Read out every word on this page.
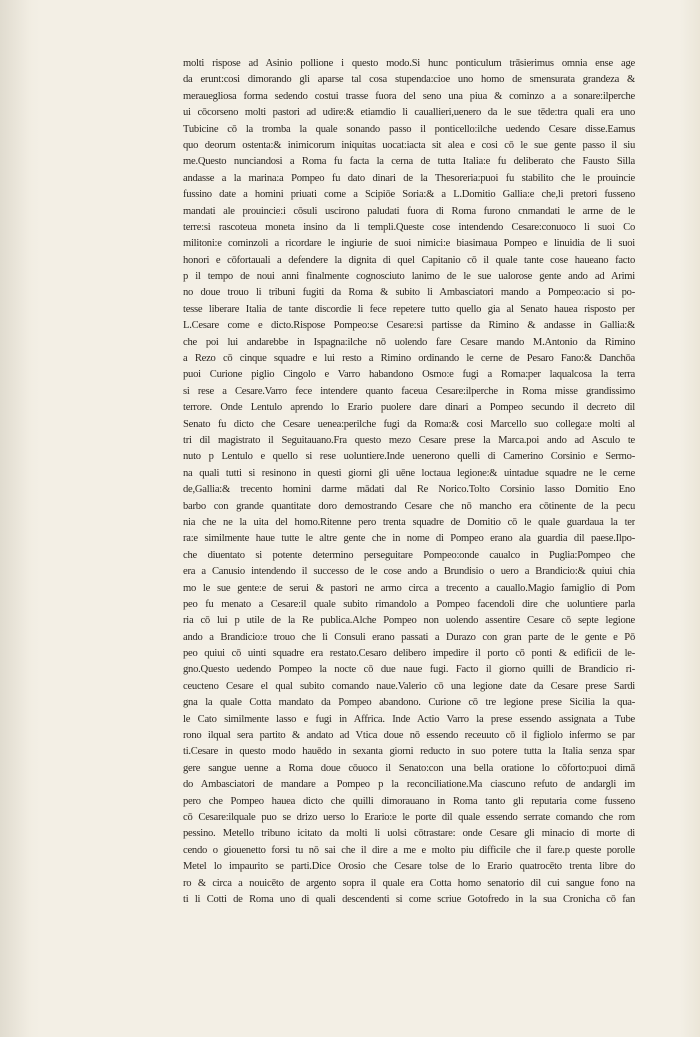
molti rispose ad Asinio pollione i questo modo.Si hunc ponticulum trāsierimus omnia ense age
da erunt:cosi dimorando gli aparse tal cosa stupenda:cioe uno homo de smensurata grandeza &
merauegliosa forma sedendo costui trasse fuora del seno una piua & cominzo a a sonare:ilperche
ui cōcorseno molti pastori ad udire:& etiamdio li cauallieri,uenero da le sue tēde:tra quali era uno
Tubicine cō la tromba la quale sonando passo il ponticello:ilche uedendo Cesare disse.Eamus
quo deorum ostenta:& inimicorum iniquitas uocat:iacta sit alea e cosi cō le sue gente passo il siu
me.Questo nunciandosi a Roma fu facta la cerna de tutta Italia:e fu deliberato che Fausto Silla
andasse a la marina:a Pompeo fu dato dinari de la Thesoreria:puoi fu stabilito che le prouincie
fussino date a homini priuati come a Scipiōe Soria:& a L.Domitio Gallia:e che,li pretori fusseno
mandati ale prouincie:i cōsuli uscirono paludati fuora di Roma furono cnmandati le arme de le
terre:si rascoteua moneta insino da li templi.Queste cose intendendo Cesare:conuoco li suoi Co
militoni:e cominzoli a ricordare le ingiurie de suoi nimici:e biasimaua Pompeo e linuidia de li suoi
honori e cōfortauali a defendere la dignita di quel Capitanio cō il quale tante cose haueano facto
p il tempo de noui anni finalmente cognosciuto lanimo de le sue ualorose gente ando ad Arimi
no doue trouo li tribuni fugiti da Roma & subito li Ambasciatori mando a Pompeo:acio si po-
tesse liberare Italia de tante discordie li fece repetere tutto quello gia al Senato hauea risposto per
L.Cesare come e dicto.Rispose Pompeo:se Cesare:si partisse da Rimino & andasse in Gallia:&
che poi lui andarebbe in Ispagna:ilche nō uolendo fare Cesare mando M.Antonio da Rimino
a Rezo cō cinque squadre e lui resto a Rimino ordinando le cerne de Pesaro Fano:& Danchōa
puoi Curione piglio Cingolo e Varro habandono Osmo:e fugi a Roma:per laqualcosa la terra
si rese a Cesare.Varro fece intendere quanto faceua Cesare:ilperche in Roma misse grandissimo
terrore. Onde Lentulo aprendo lo Erario puolere dare dinari a Pompeo secundo il decreto dil
Senato fu dicto che Cesare uenea:perilche fugi da Roma:& cosi Marcello suo collega:e molti al
tri dil magistrato il Seguitauano.Fra questo mezo Cesare prese la Marca.poi ando ad Asculo te
nuto p Lentulo e quello si rese uoluntiere.Inde uenerono quelli di Camerino Corsinio e Sermo-
na quali tutti si resinono in questi giorni gli uēne loctaua legione:& uintadue squadre ne le cerne
de,Gallia:& trecento homini darme mādati dal Re Norico.Tolto Corsinio lasso Domitio Eno
barbo con grande quantitate doro demostrando Cesare che nō mancho era cōtinente de la pecu
nia che ne la uita del homo.Ritenne pero trenta squadre de Domitio cō le quale guardaua la ter
ra:e similmente haue tutte le altre gente che in nome di Pompeo erano ala guardia dil paese.Ilpo-
che diuentato si potente determino perseguitare Pompeo:onde caualco in Puglia:Pompeo che
era a Canusio intendendo il successo de le cose ando a Brundisio o uero a Brandicio:& quiui chia
mo le sue gente:e de serui & pastori ne armo circa a trecento a cauallo.Magio famiglio di Pom
peo fu menato a Cesare:il quale subito rimandolo a Pompeo facendoli dire che uoluntiere parla
ria cō lui p utile de la Re publica.Alche Pompeo non uolendo assentire Cesare cō septe legione
ando a Brandicio:e trouo che li Consuli erano passati a Durazo con gran parte de le gente e Pō
peo quiui cō uinti squadre era restato.Cesaro delibero impedire il porto cō ponti & edificii de le-
gno.Questo uedendo Pompeo la nocte cō due naue fugi. Facto il giorno quilli de Brandicio ri-
ceucteno Cesare el qual subito comando naue.Valerio cō una legione date da Cesare prese Sardi
gna la quale Cotta mandato da Pompeo abandono. Curione cō tre legione prese Sicilia la qua-
le Cato similmente lasso e fugi in Affrica. Inde Actio Varro la prese essendo assignata a Tube
rono ilqual sera partito & andato ad Vtica doue nō essendo receuuto cō il figliolo infermo se par
ti.Cesare in questo modo hauēdo in sexanta giorni reducto in suo potere tutta la Italia senza spar
gere sangue uenne a Roma doue cōuoco il Senato:con una bella oratione lo cōforto:puoi dimā
do Ambasciatori de mandare a Pompeo p la reconciliatione.Ma ciascuno refuto de andargli im
pero che Pompeo hauea dicto che quilli dimorauano in Roma tanto gli reputaria come fusseno
cō Cesare:ilquale puo se drizo uerso lo Erario:e le porte dil quale essendo serrate comando che rom
pessino. Metello tribuno icitato da molti li uolsi cōtrastare: onde Cesare gli minacio di morte di
cendo o giouenetto forsi tu nō sai che il dire a me e molto piu difficile che il fare.p queste porolle
Metel lo impaurito se parti.Dice Orosio che Cesare tolse de lo Erario quatrocēto trenta libre do
ro & circa a nouicēto de argento sopra il quale era Cotta homo senatorio dil cui sangue fono na
ti li Cotti de Roma uno di quali descendenti si come scriue Gotofredo in la sua Cronicha cō fan
